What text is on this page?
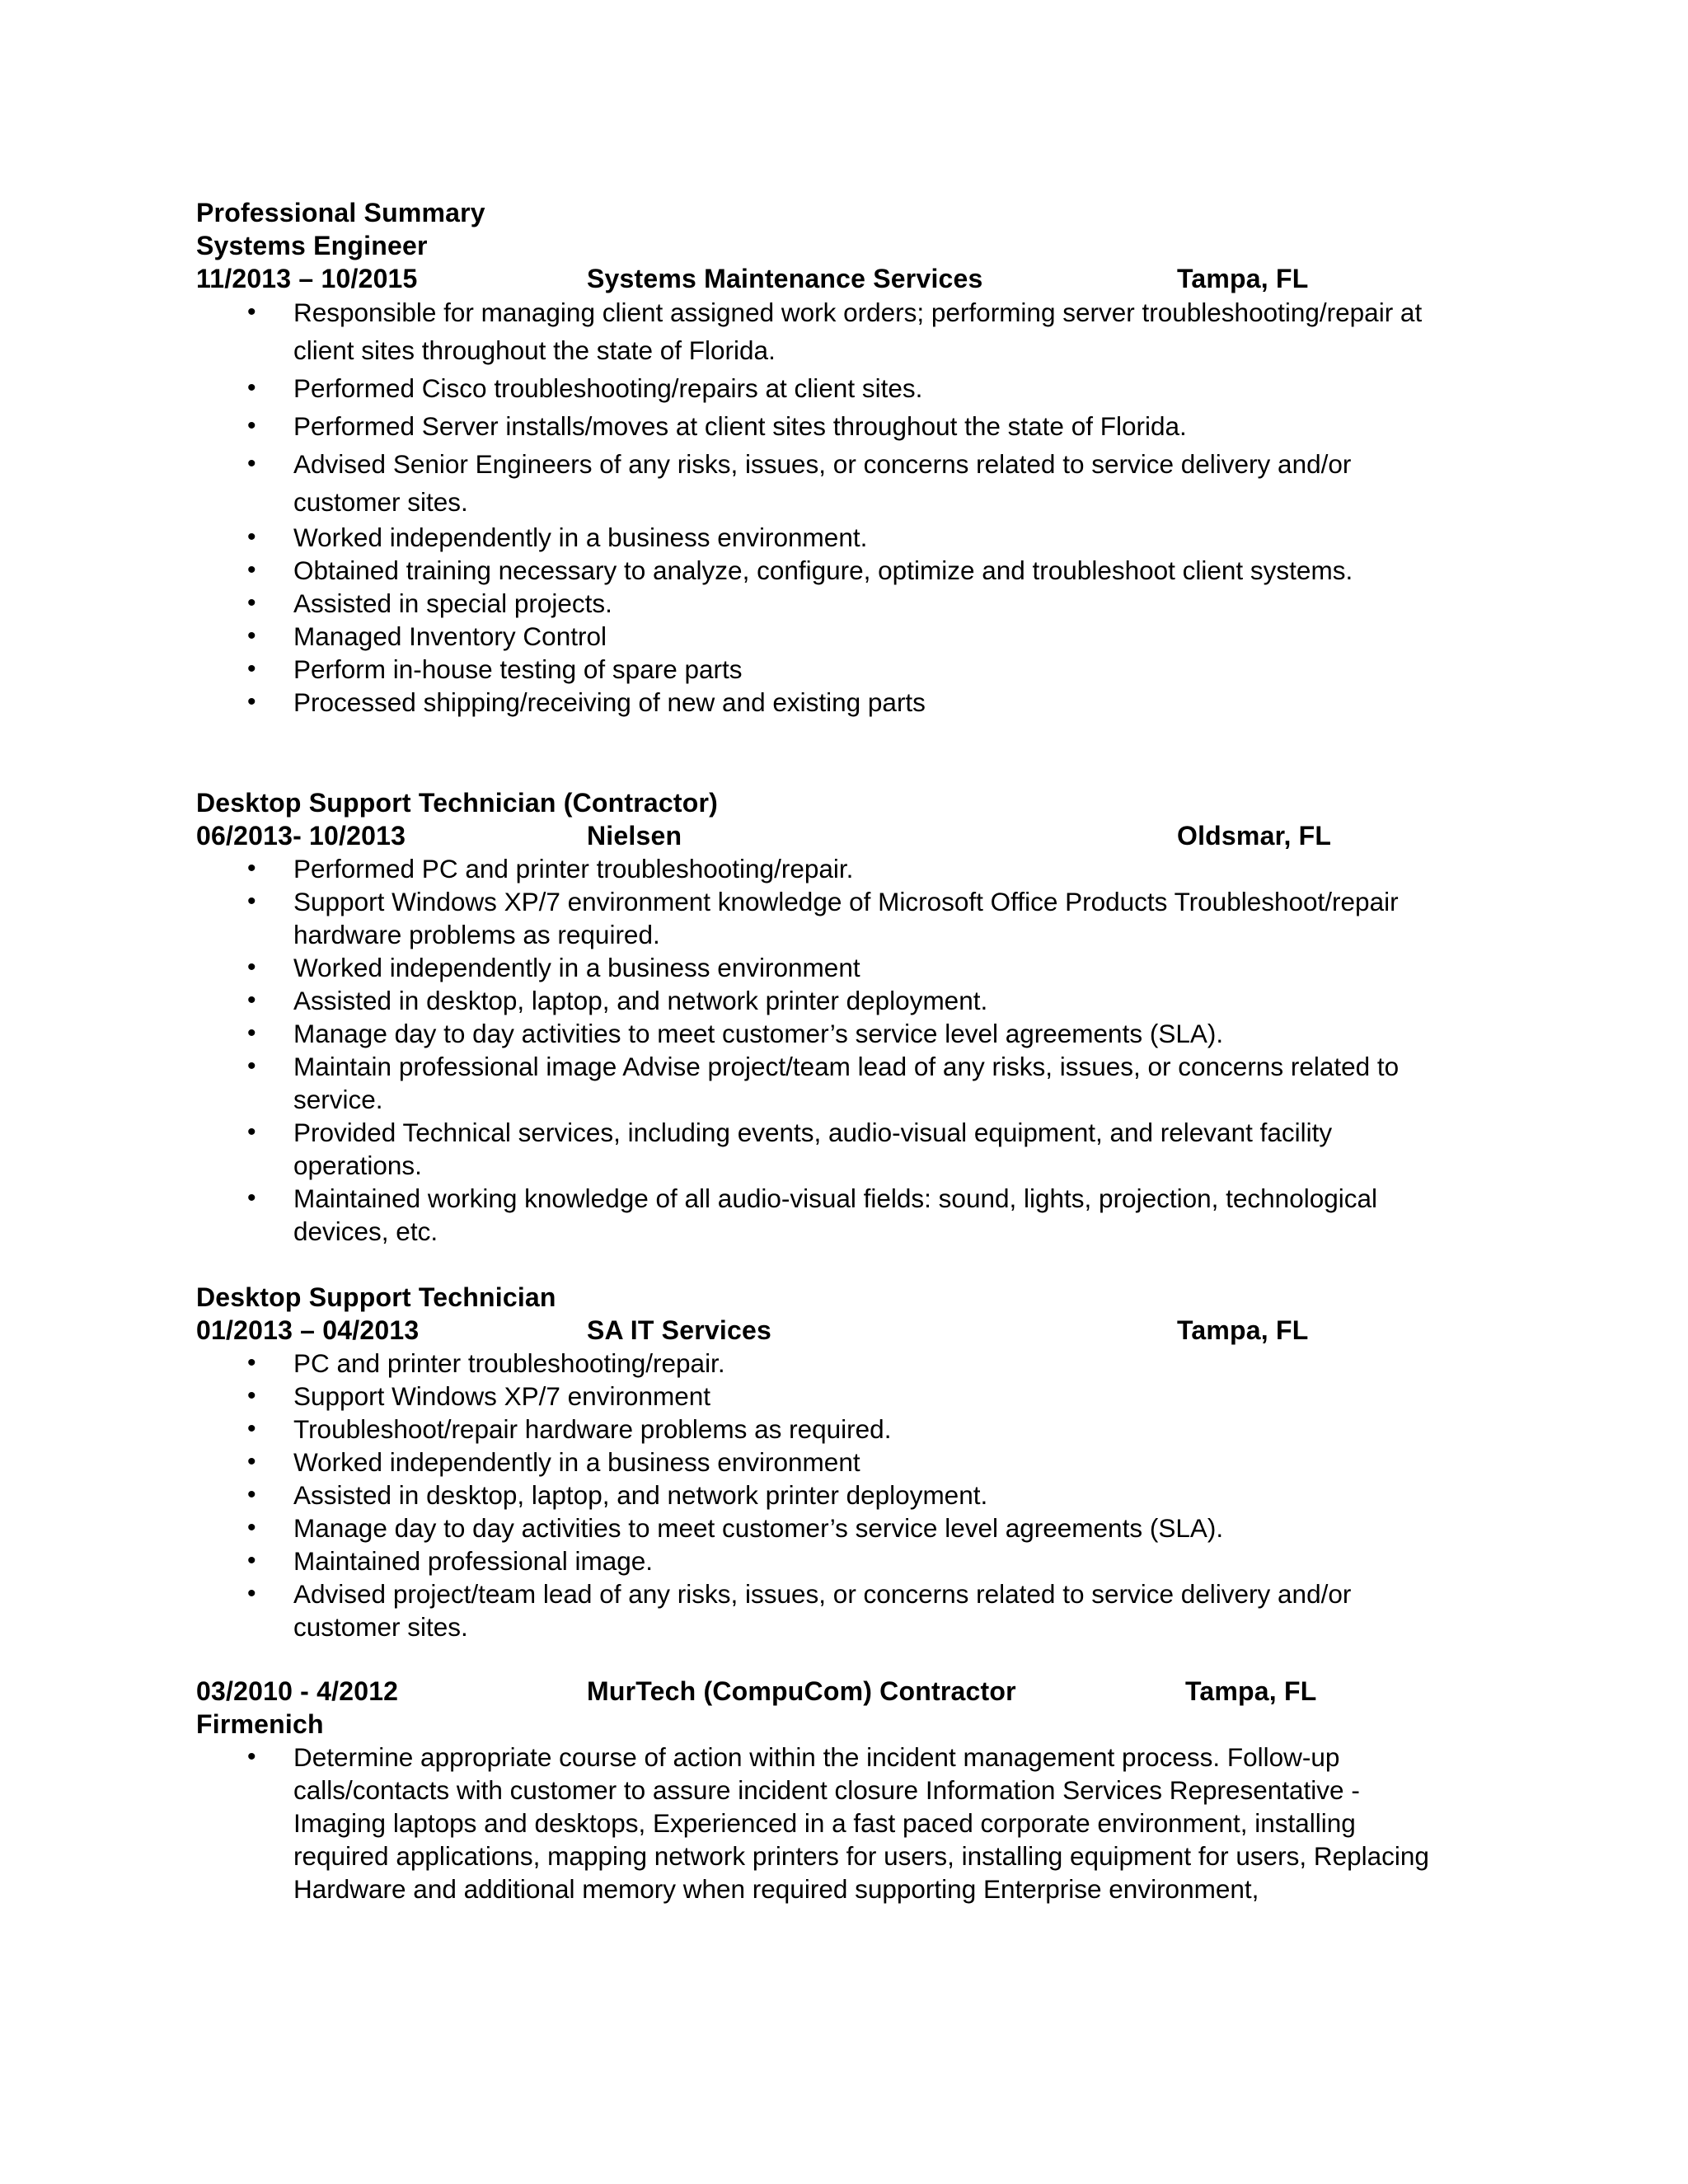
Professional Summary
Systems Engineer
11/2013 – 10/2015	Systems Maintenance Services	Tampa, FL
• Responsible for managing client assigned work orders; performing server troubleshooting/repair at client sites throughout the state of Florida.
• Performed Cisco troubleshooting/repairs at client sites.
• Performed Server installs/moves at client sites throughout the state of Florida.
• Advised Senior Engineers of any risks, issues, or concerns related to service delivery and/or customer sites.
• Worked independently in a business environment.
• Obtained training necessary to analyze, configure, optimize and troubleshoot client systems.
• Assisted in special projects.
• Managed Inventory Control
• Perform in-house testing of spare parts
• Processed shipping/receiving of new and existing parts
Desktop Support Technician (Contractor)
06/2013- 10/2013	Nielsen	Oldsmar, FL
• Performed PC and printer troubleshooting/repair.
• Support Windows XP/7 environment knowledge of Microsoft Office Products Troubleshoot/repair hardware problems as required.
• Worked independently in a business environment
• Assisted in desktop, laptop, and network printer deployment.
• Manage day to day activities to meet customer’s service level agreements (SLA).
• Maintain professional image Advise project/team lead of any risks, issues, or concerns related to service.
• Provided Technical services, including events, audio-visual equipment, and relevant facility operations.
• Maintained working knowledge of all audio-visual fields: sound, lights, projection, technological devices, etc.
Desktop Support Technician
01/2013 – 04/2013	SA IT Services	Tampa, FL
• PC and printer troubleshooting/repair.
• Support Windows XP/7 environment
• Troubleshoot/repair hardware problems as required.
• Worked independently in a business environment
• Assisted in desktop, laptop, and network printer deployment.
• Manage day to day activities to meet customer’s service level agreements (SLA).
• Maintained professional image.
• Advised project/team lead of any risks, issues, or concerns related to service delivery and/or customer sites.
03/2010 - 4/2012	MurTech (CompuCom) Contractor	Tampa, FL
Firmenich
• Determine appropriate course of action within the incident management process. Follow-up calls/contacts with customer to assure incident closure Information Services Representative - Imaging laptops and desktops, Experienced in a fast paced corporate environment, installing required applications, mapping network printers for users, installing equipment for users, Replacing Hardware and additional memory when required supporting Enterprise environment,
